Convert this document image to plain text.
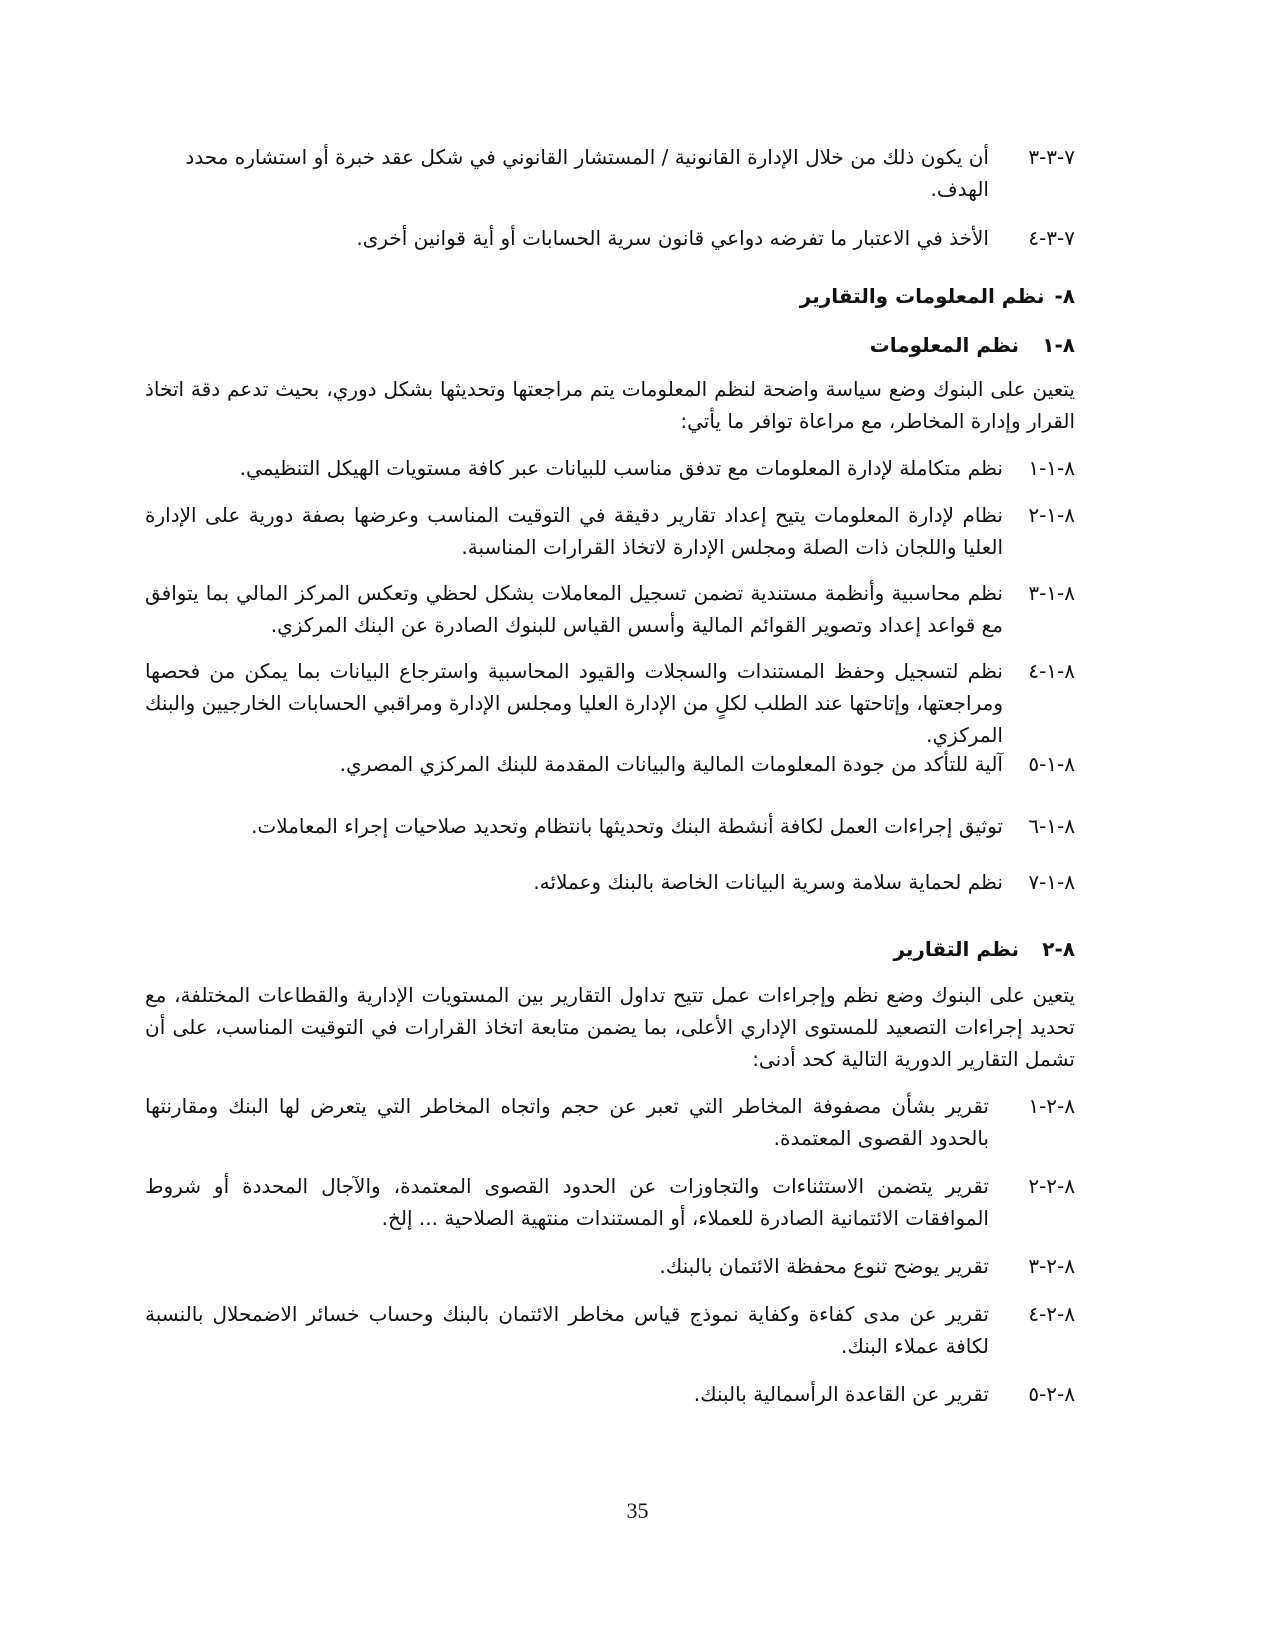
٧-٣-٣
أن يكون ذلك من خلال الإدارة القانونية / المستشار القانوني في شكل عقد خبرة أو استشاره محدد الهدف.
٧-٣-٤
الأخذ في الاعتبار ما تفرضه دواعي قانون سرية الحسابات أو أية قوانين أخرى.
٨-
نظم المعلومات والتقارير
٨-١
نظم المعلومات
يتعين على البنوك وضع سياسة واضحة لنظم المعلومات يتم مراجعتها وتحديثها بشكل دوري، بحيث تدعم دقة اتخاذ القرار وإدارة المخاطر، مع مراعاة توافر ما يأتي:
٨-١-١
نظم متكاملة لإدارة المعلومات مع تدفق مناسب للبيانات عبر كافة مستويات الهيكل التنظيمي.
٨-١-٢
نظام لإدارة المعلومات يتيح إعداد تقارير دقيقة في التوقيت المناسب وعرضها بصفة دورية على الإدارة العليا واللجان ذات الصلة ومجلس الإدارة لاتخاذ القرارات المناسبة.
٨-١-٣
نظم محاسبية وأنظمة مستندية تضمن تسجيل المعاملات بشكل لحظي وتعكس المركز المالي بما يتوافق مع قواعد إعداد وتصوير القوائم المالية وأسس القياس للبنوك الصادرة عن البنك المركزي.
٨-١-٤
نظم لتسجيل وحفظ المستندات والسجلات والقيود المحاسبية واسترجاع البيانات بما يمكن من فحصها ومراجعتها، وإتاحتها عند الطلب لكلٍ من الإدارة العليا ومجلس الإدارة ومراقبي الحسابات الخارجيين والبنك المركزي.
٨-١-٥
آلية للتأكد من جودة المعلومات المالية والبيانات المقدمة للبنك المركزي المصري.
٨-١-٦
توثيق إجراءات العمل لكافة أنشطة البنك وتحديثها بانتظام وتحديد صلاحيات إجراء المعاملات.
٨-١-٧
نظم لحماية سلامة وسرية البيانات الخاصة بالبنك وعملائه.
٨-٢
نظم التقارير
يتعين على البنوك وضع نظم وإجراءات عمل تتيح تداول التقارير بين المستويات الإدارية والقطاعات المختلفة، مع تحديد إجراءات التصعيد للمستوى الإداري الأعلى، بما يضمن متابعة اتخاذ القرارات في التوقيت المناسب، على أن تشمل التقارير الدورية التالية كحد أدنى:
٨-٢-١
تقرير بشأن مصفوفة المخاطر التي تعبر عن حجم واتجاه المخاطر التي يتعرض لها البنك ومقارنتها بالحدود القصوى المعتمدة.
٨-٢-٢
تقرير يتضمن الاستثناءات والتجاوزات عن الحدود القصوى المعتمدة، والآجال المحددة أو شروط الموافقات الائتمانية الصادرة للعملاء، أو المستندات منتهية الصلاحية ... إلخ.
٨-٢-٣
تقرير يوضح تنوع محفظة الائتمان بالبنك.
٨-٢-٤
تقرير عن مدى كفاءة وكفاية نموذج قياس مخاطر الائتمان بالبنك وحساب خسائر الاضمحلال بالنسبة لكافة عملاء البنك.
٨-٢-٥
تقرير عن القاعدة الرأسمالية بالبنك.
35
